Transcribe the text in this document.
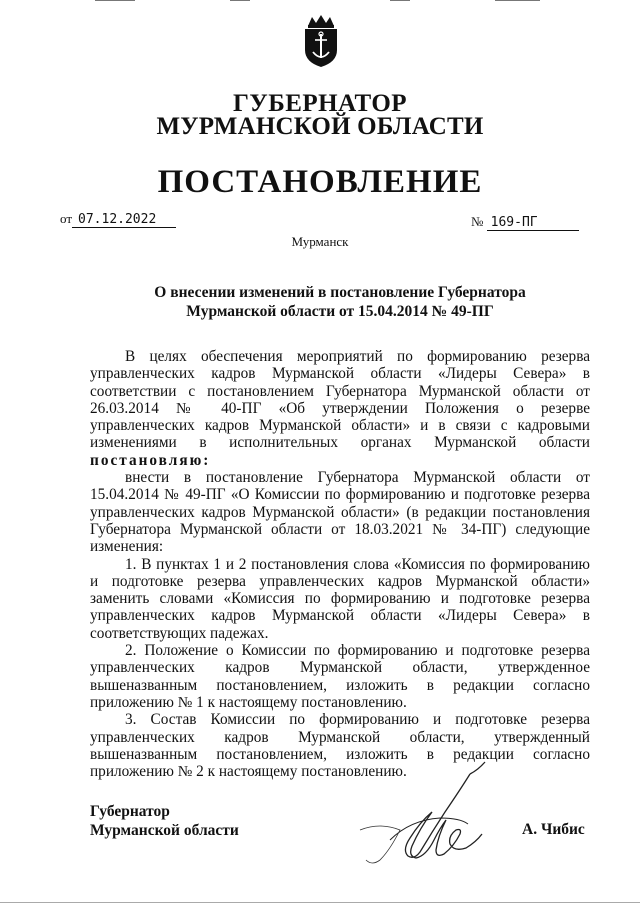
ГУБЕРНАТОР
МУРМАНСКОЙ ОБЛАСТИ
ПОСТАНОВЛЕНИЕ
от 07.12.2022	№ 169-ПГ
Мурманск
О внесении изменений в постановление Губернатора
Мурманской области от 15.04.2014 № 49-ПГ

В целях обеспечения мероприятий по формированию резерва управленческих кадров Мурманской области «Лидеры Севера» в соответствии с постановлением Губернатора Мурманской области от 26.03.2014 № 40-ПГ «Об утверждении Положения о резерве управленческих кадров Мурманской области» и в связи с кадровыми изменениями в исполнительных органах Мурманской области постановляю:

внести в постановление Губернатора Мурманской области от 15.04.2014 № 49-ПГ «О Комиссии по формированию и подготовке резерва управленческих кадров Мурманской области» (в редакции постановления Губернатора Мурманской области от 18.03.2021 № 34-ПГ) следующие изменения:

1. В пунктах 1 и 2 постановления слова «Комиссия по формированию и подготовке резерва управленческих кадров Мурманской области» заменить словами «Комиссия по формированию и подготовке резерва управленческих кадров Мурманской области «Лидеры Севера» в соответствующих падежах.

2. Положение о Комиссии по формированию и подготовке резерва управленческих кадров Мурманской области, утвержденное вышеназванным постановлением, изложить в редакции согласно приложению № 1 к настоящему постановлению.

3. Состав Комиссии по формированию и подготовке резерва управленческих кадров Мурманской области, утвержденный вышеназванным постановлением, изложить в редакции согласно приложению № 2 к настоящему постановлению.

Губернатор
Мурманской области	А. Чибис
